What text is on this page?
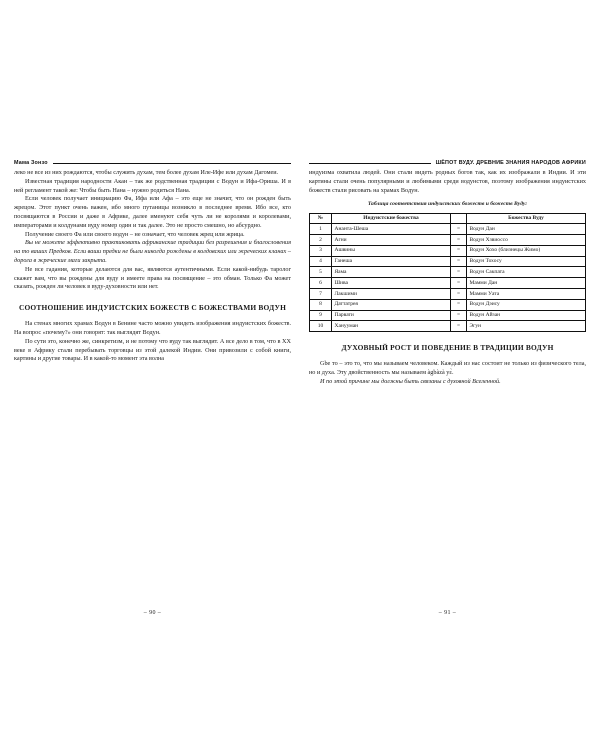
Мама Зонзо

леко не все из них рождаются, чтобы служить духам, тем более духам Иле-Ифе или духам Дагомеи.

Известная традиция народности Акан – так же родственная традиции с Водун и Ифа-Ориша. И в ней регламент такой же: Чтобы быть Нана – нужно родиться Нана.

Если человек получает инициацию Фа, Ифа или Афа – это еще не значит, что он рожден быть жрецом. Этот пункт очень важен, ибо много путаницы возникло в последнее время. Ибо все, кто посвящаются в России и даже в Африке, далее именуют себя чуть ли не королями и королевами, императорами и колдунами вуду номер один и так далее. Это не просто смешно, но абсурдно.

Получение своего Фа или своего водун – не означает, что человек жрец или жрица.

Вы не можете эффективно практиковать африканские традиции без разрешения и благословения на то ваших Предков. Если ваши предки не были никогда рождены в колдовских или жреческих кланах – дорога в жреческие маги закрыта.

Не все гадания, которые делаются для вас, являются аутентичными. Если какой-нибудь таролог скажет вам, что вы рождены для вуду и имеете права на посвящение – это обман. Только Фа может сказать, рожден ли человек в вуду-духовности или нет.

СООТНОШЕНИЕ ИНДУИСТСКИХ БОЖЕСТВ С БОЖЕСТВАМИ ВОДУН

На стенах многих храмах Водун в Бенине часто можно увидеть изображения индуистских божеств. На вопрос «почему?» они говорят: так выглядят Водун.

По сути это, конечно же, синкретизм, и не потому что вуду так выглядит. А все дело в том, что в XX веке в Африку стали перебывать торговцы из этой далекой Индии. Они привозили с собой книги, картины и другие товары. И в какой-то момент эта волна

– 90 –
ШЁПОТ ВУДУ. ДРЕВНИЕ ЗНАНИЯ НАРОДОВ АФРИКИ

индуизма охватила людей. Они стали видеть родных богов так, как их изображали в Индии. И эти картины стали очень популярными и любимыми среди водунстов, поэтому изображения индуистских божеств стали рисовать на храмах Водун.

Таблица соответствия индуистских божеств и божеств Вуду:
№	Индуистские божества		Божества Вуду
1	Ананта-Шеша	=	Водун Дан
2	Агни	=	Водун Хзвиоссо
3	Ашвины	=	Водун Хохо (близнецы Жимо)
4	Ганеша	=	Водун Тохосу
5	Яама	=	Водун Сакпата
6	Шива	=	Мамми Дан
7	Лакшими	=	Мамми Уата
8	Даттатрея	=	Водун Дэису
9	Парвати	=	Водун Айзан
10	Ханууман	=	Эгун
ДУХОВНЫЙ РОСТ И ПОВЕДЕНИЕ В ТРАДИЦИИ ВОДУН

Gbe то – это то, что мы называем человеком. Каждый из нас состоит не только из физического тела, но и духа. Эту двойственность мы называем àgbàzà уɛ̀.

И по этой причине мы должны быть связаны с духовной Вселенной.

– 91 –
